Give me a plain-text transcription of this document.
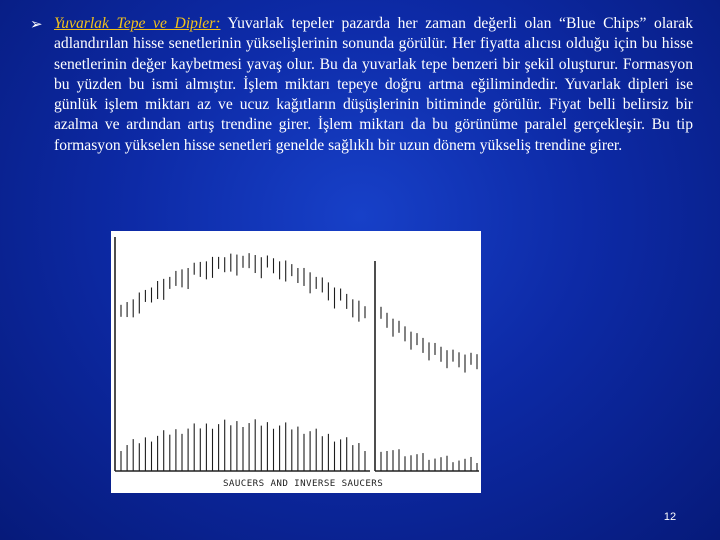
➢ Yuvarlak Tepe ve Dipler: Yuvarlak tepeler pazarda her zaman değerli olan “Blue Chips” olarak adlandırılan hisse senetlerinin yükselişlerinin sonunda görülür. Her fiyatta alıcısı olduğu için bu hisse senetlerinin değer kaybetmesi yavaş olur. Bu da yuvarlak tepe benzeri bir şekil oluşturur. Formasyon bu yüzden bu ismi almıştır. İşlem miktarı tepeye doğru artma eğilimindedir. Yuvarlak dipleri ise günlük işlem miktarı az ve ucuz kağıtların düşüşlerinin bitiminde görülür. Fiyat belli belirsiz bir azalma ve ardından artış trendine girer. İşlem miktarı da bu görünüme paralel gerçekleşir. Bu tip formasyon yükselen hisse senetleri genelde sağlıklı bir uzun dönem yükseliş trendine girer.
SAUCERS AND INVERSE SAUCERS
12
